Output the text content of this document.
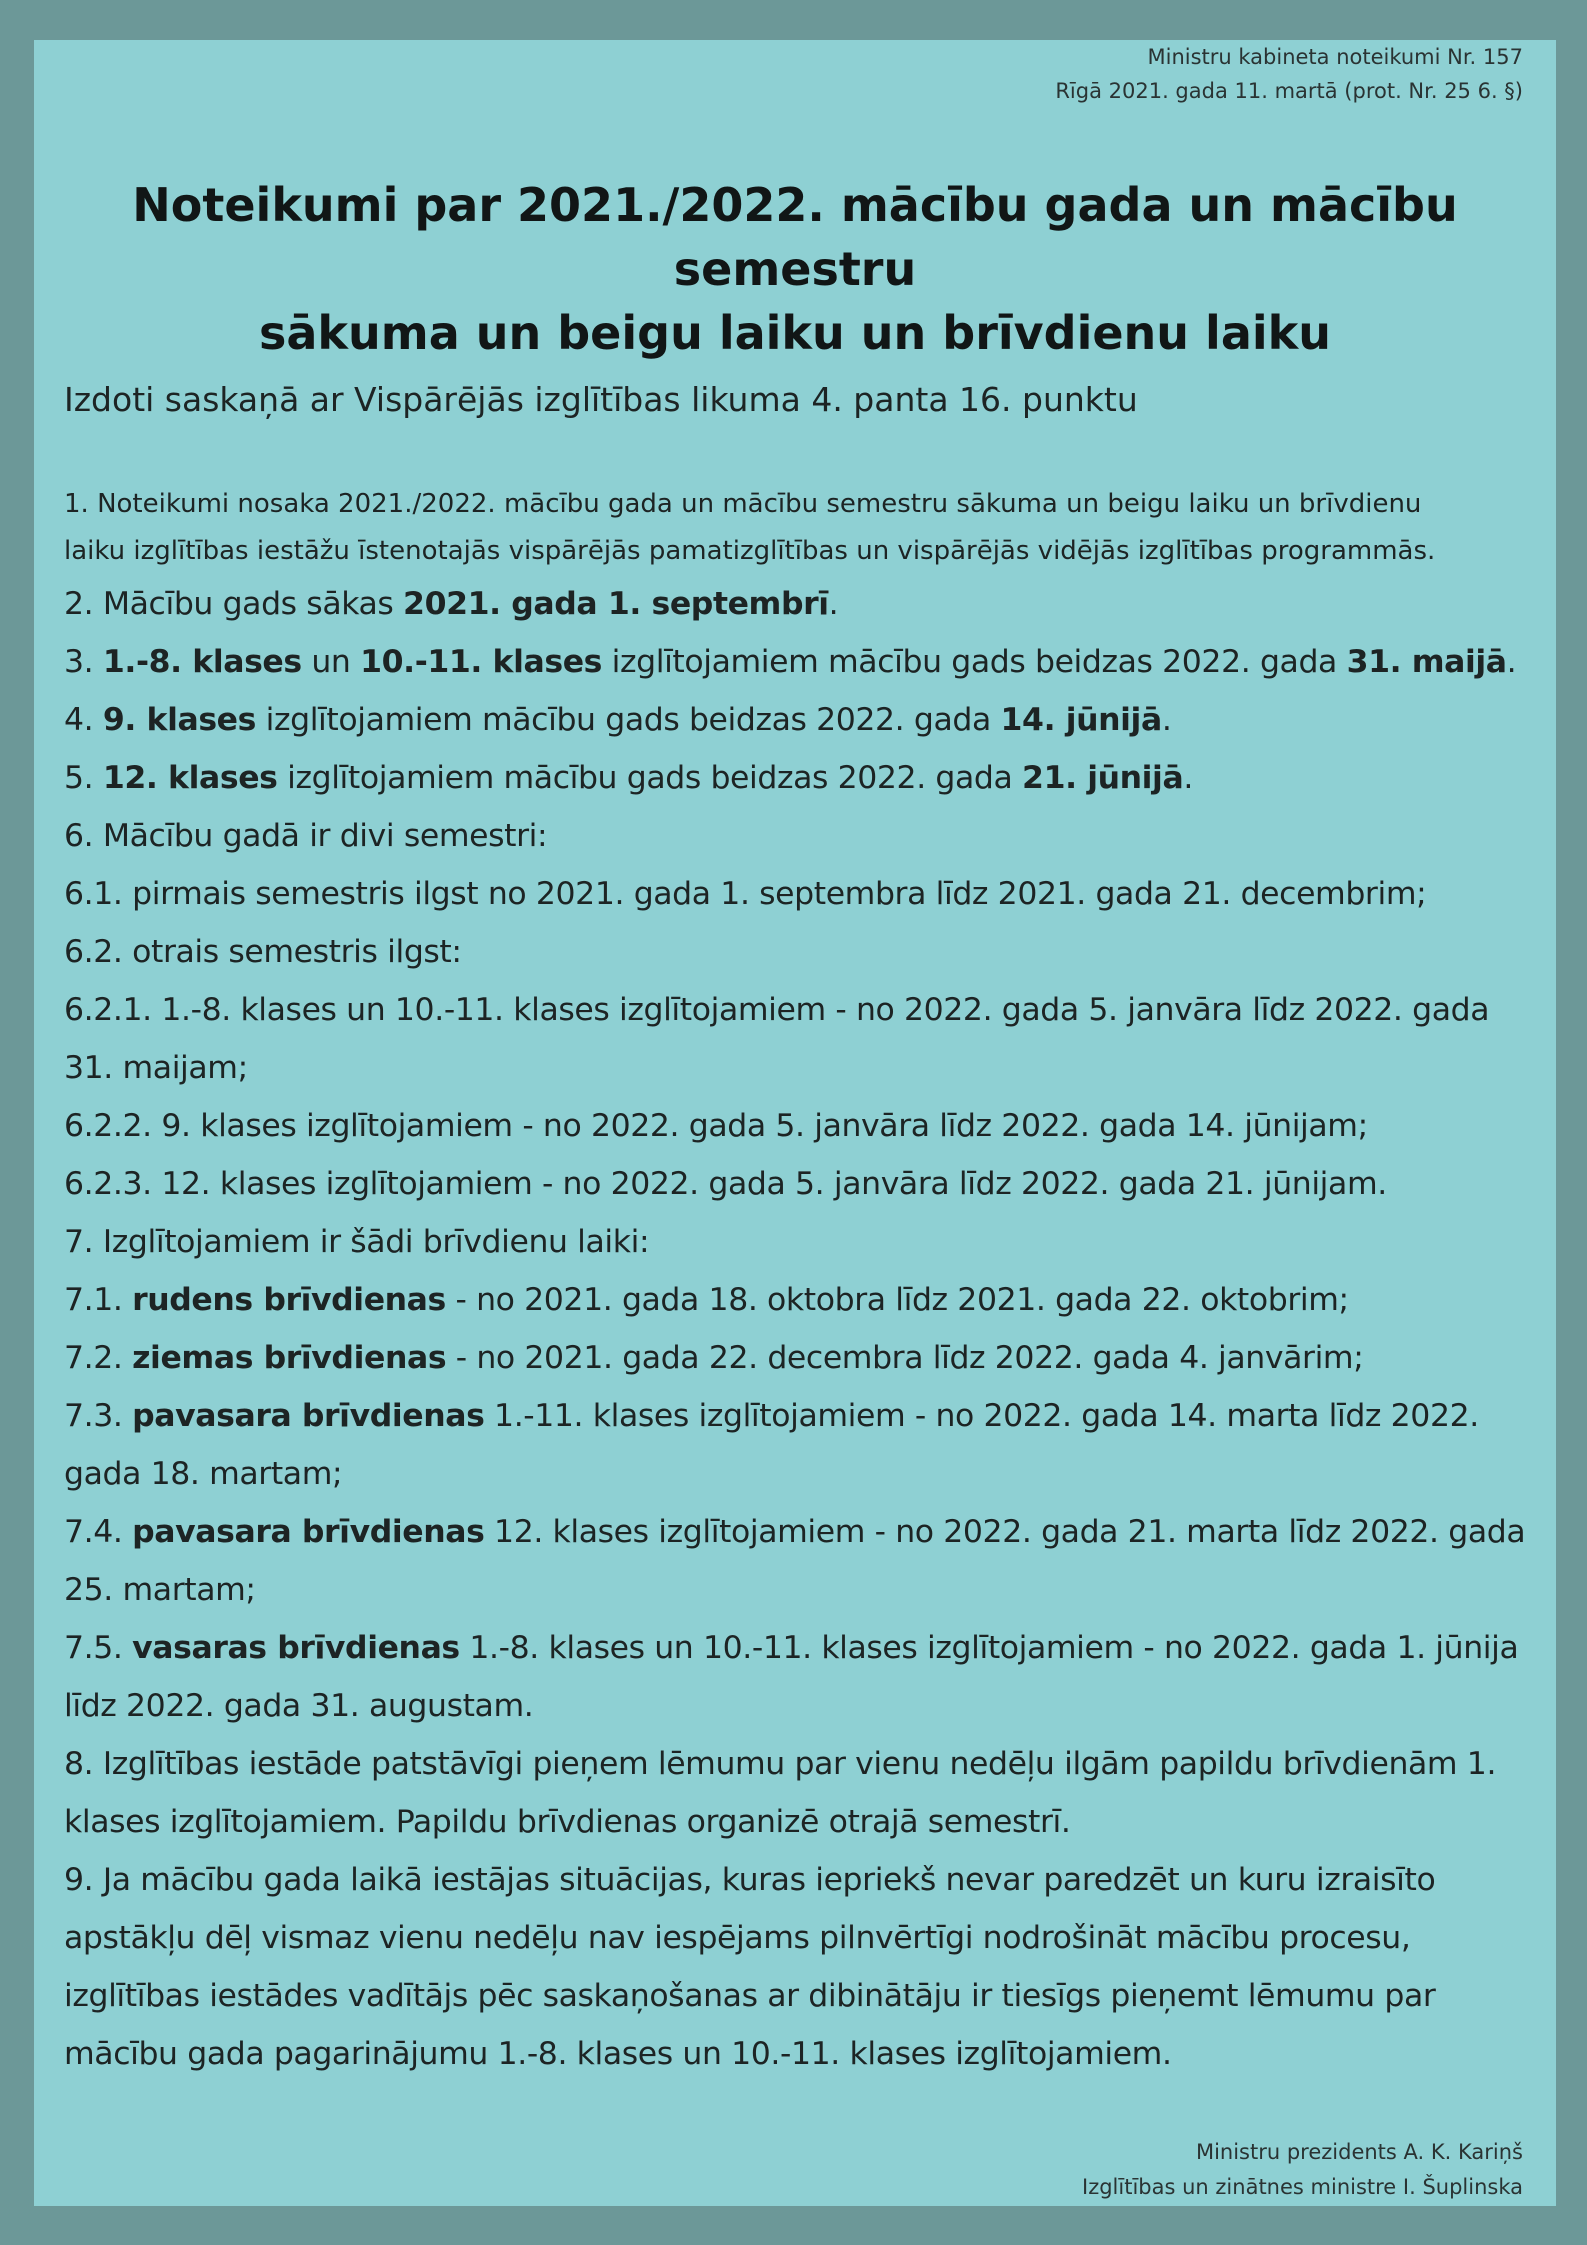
Ministru kabineta noteikumi Nr. 157
Rīgā 2021. gada 11. martā (prot. Nr. 25 6. §)
Noteikumi par 2021./2022. mācību gada un mācību semestru
sākuma un beigu laiku un brīvdienu laiku
Izdoti saskaņā ar Vispārējās izglītības likuma 4. panta 16. punktu
1. Noteikumi nosaka 2021./2022. mācību gada un mācību semestru sākuma un beigu laiku un brīvdienu
laiku izglītības iestāžu īstenotajās vispārējās pamatizglītības un vispārējās vidējās izglītības programmās.

2. Mācību gads sākas 2021. gada 1. septembrī.

3. 1.-8. klases un 10.-11. klases izglītojamiem mācību gads beidzas 2022. gada 31. maijā.

4. 9. klases izglītojamiem mācību gads beidzas 2022. gada 14. jūnijā.

5. 12. klases izglītojamiem mācību gads beidzas 2022. gada 21. jūnijā.

6. Mācību gadā ir divi semestri:

6.1. pirmais semestris ilgst no 2021. gada 1. septembra līdz 2021. gada 21. decembrim;

6.2. otrais semestris ilgst:

6.2.1. 1.-8. klases un 10.-11. klases izglītojamiem - no 2022. gada 5. janvāra līdz 2022. gada 31. maijam;

6.2.2. 9. klases izglītojamiem - no 2022. gada 5. janvāra līdz 2022. gada 14. jūnijam;

6.2.3. 12. klases izglītojamiem - no 2022. gada 5. janvāra līdz 2022. gada 21. jūnijam.

7. Izglītojamiem ir šādi brīvdienu laiki:

7.1. rudens brīvdienas - no 2021. gada 18. oktobra līdz 2021. gada 22. oktobrim;

7.2. ziemas brīvdienas - no 2021. gada 22. decembra līdz 2022. gada 4. janvārim;

7.3. pavasara brīvdienas 1.-11. klases izglītojamiem - no 2022. gada 14. marta līdz 2022. gada 18. martam;

7.4. pavasara brīvdienas 12. klases izglītojamiem - no 2022. gada 21. marta līdz 2022. gada 25. martam;

7.5. vasaras brīvdienas 1.-8. klases un 10.-11. klases izglītojamiem - no 2022. gada 1. jūnija līdz 2022. gada 31. augustam.

8. Izglītības iestāde patstāvīgi pieņem lēmumu par vienu nedēļu ilgām papildu brīvdienām 1. klases izglītojamiem. Papildu brīvdienas organizē otrajā semestrī.

9. Ja mācību gada laikā iestājas situācijas, kuras iepriekš nevar paredzēt un kuru izraisīto apstākļu dēļ vismaz vienu nedēļu nav iespējams pilnvērtīgi nodrošināt mācību procesu, izglītības iestādes vadītājs pēc saskaņošanas ar dibinātāju ir tiesīgs pieņemt lēmumu par mācību gada pagarinājumu 1.-8. klases un 10.-11. klases izglītojamiem.

Ministru prezidents A. K. Kariņš
Izglītības un zinātnes ministre I. Šuplinska
